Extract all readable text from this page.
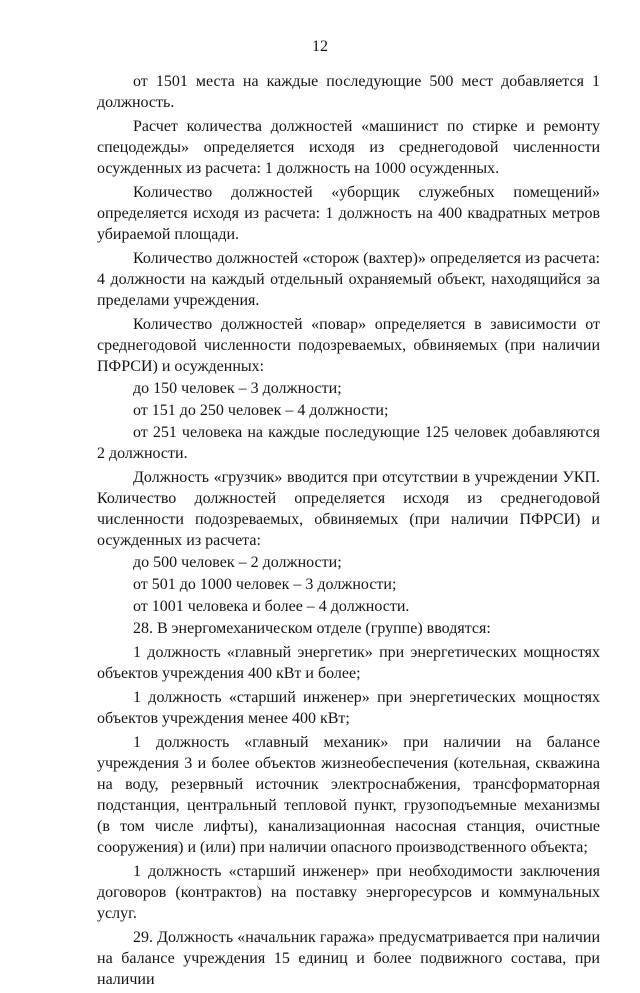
12

от 1501 места на каждые последующие 500 мест добавляется 1 должность.

Расчет количества должностей «машинист по стирке и ремонту спецодежды» определяется исходя из среднегодовой численности осужденных из расчета: 1 должность на 1000 осужденных.

Количество должностей «уборщик служебных помещений» определяется исходя из расчета: 1 должность на 400 квадратных метров убираемой площади.

Количество должностей «сторож (вахтер)» определяется из расчета: 4 должности на каждый отдельный охраняемый объект, находящийся за пределами учреждения.

Количество должностей «повар» определяется в зависимости от среднегодовой численности подозреваемых, обвиняемых (при наличии ПФРСИ) и осужденных:

до 150 человек – 3 должности;

от 151 до 250 человек – 4 должности;

от 251 человека на каждые последующие 125 человек добавляются 2 должности.

Должность «грузчик» вводится при отсутствии в учреждении УКП. Количество должностей определяется исходя из среднегодовой численности подозреваемых, обвиняемых (при наличии ПФРСИ) и осужденных из расчета:

до 500 человек – 2 должности;

от 501 до 1000 человек – 3 должности;

от 1001 человека и более – 4 должности.

28. В энергомеханическом отделе (группе) вводятся:

1 должность «главный энергетик» при энергетических мощностях объектов учреждения 400 кВт и более;

1 должность «старший инженер» при энергетических мощностях объектов учреждения менее 400 кВт;

1 должность «главный механик» при наличии на балансе учреждения 3 и более объектов жизнеобеспечения (котельная, скважина на воду, резервный источник электроснабжения, трансформаторная подстанция, центральный тепловой пункт, грузоподъемные механизмы (в том числе лифты), канализационная насосная станция, очистные сооружения) и (или) при наличии опасного производственного объекта;

1 должность «старший инженер» при необходимости заключения договоров (контрактов) на поставку энергоресурсов и коммунальных услуг.

29. Должность «начальник гаража» предусматривается при наличии на балансе учреждения 15 единиц и более подвижного состава, при наличии
